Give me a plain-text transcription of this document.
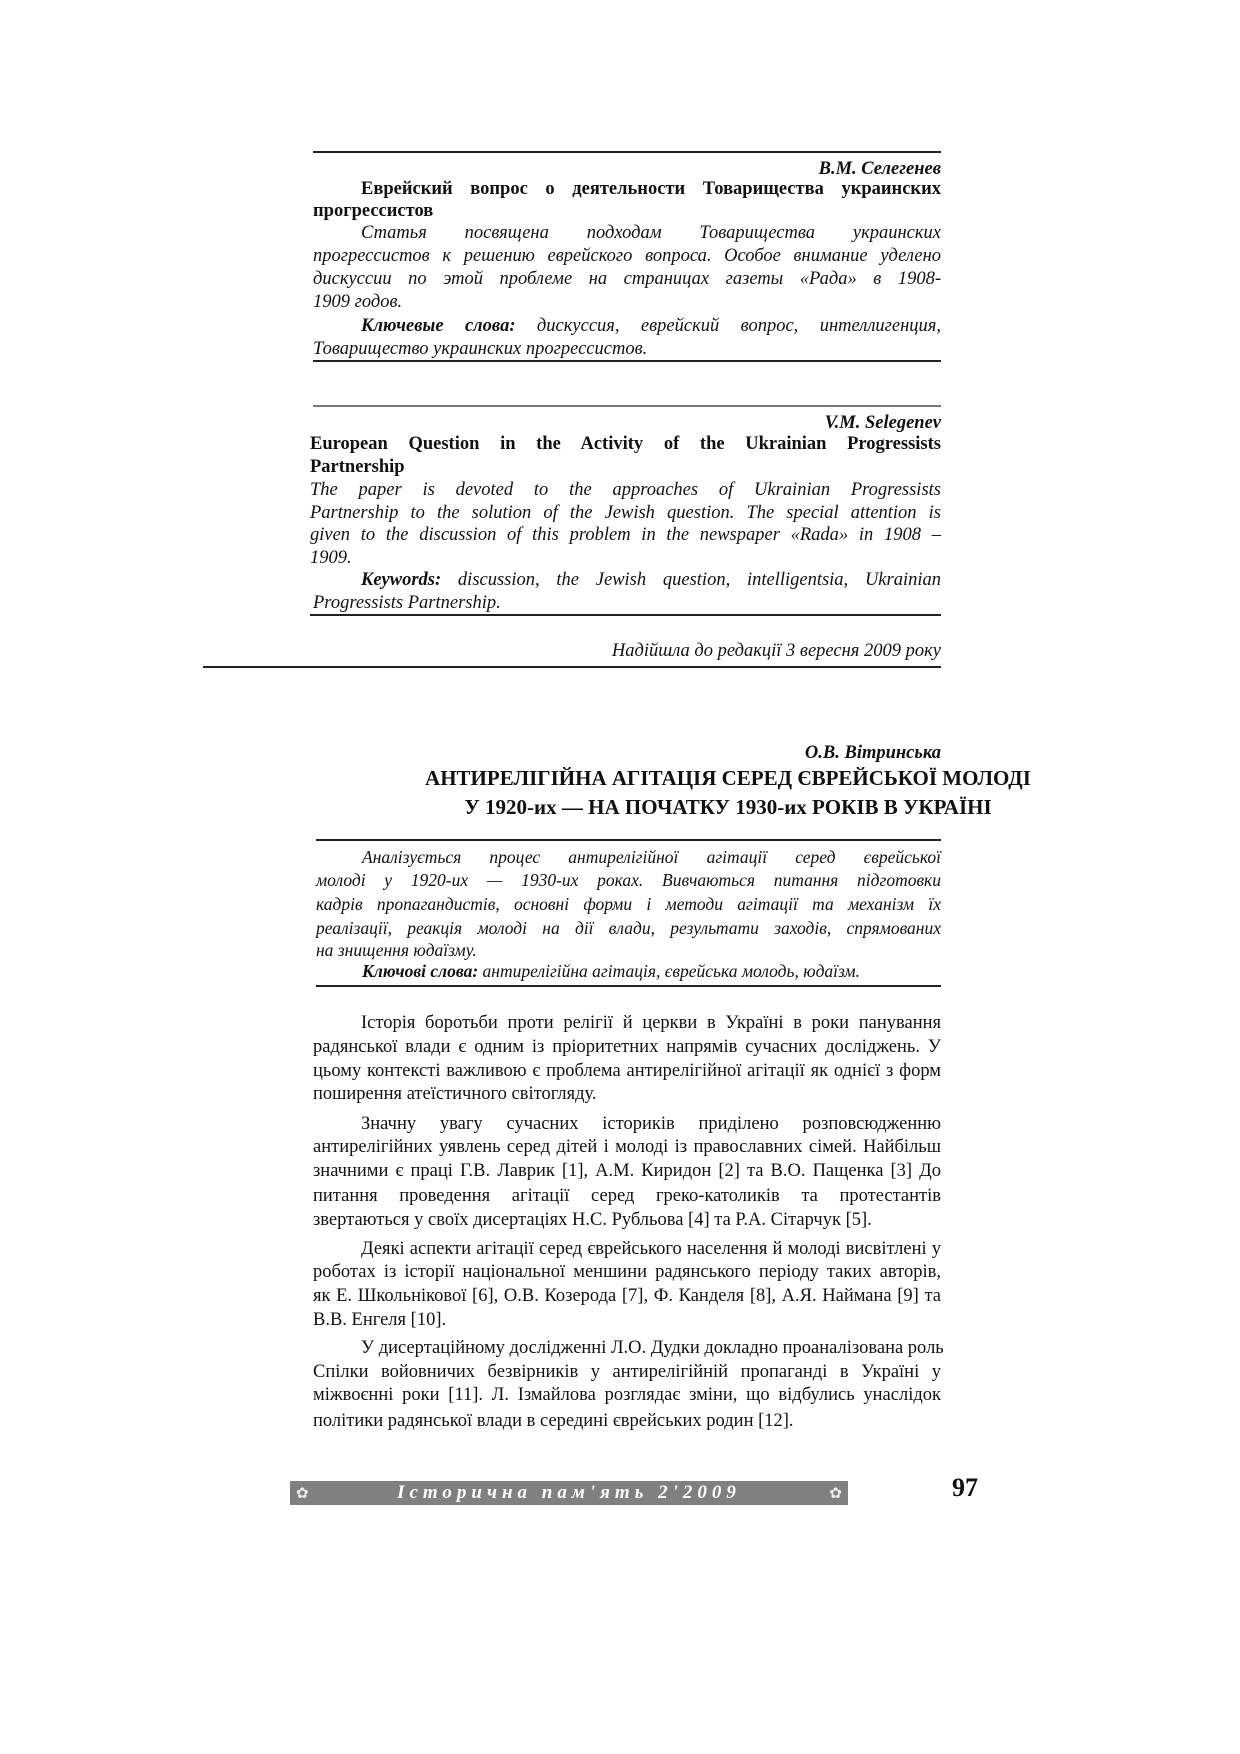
В.М. Селегенев
Еврейский вопрос о деятельности Товарищества украинских
прогрессистов
Статья посвящена подходам Товарищества украинских
прогрессистов к решению еврейского вопроса. Особое внимание уделено
дискуссии по этой проблеме на страницах газеты «Рада» в 1908-
1909 годов.
Ключевые слова: дискуссия, еврейский вопрос, интеллигенция,
Товарищество украинских прогрессистов.
V.M. Selegenev
European Question in the Activity of the Ukrainian Progressists
Partnership
The paper is devoted to the approaches of Ukrainian Progressists
Partnership to the solution of the Jewish question. The special attention is
given to the discussion of this problem in the newspaper «Rada» in 1908 –
1909.
Keywords: discussion, the Jewish question, intelligentsia, Ukrainian
Progressists Partnership.
Надійшла до редакції 3 вересня 2009 року
О.В. Вітринська
АНТИРЕЛІГІЙНА АГІТАЦІЯ СЕРЕД ЄВРЕЙСЬКОЇ МОЛОДІ
У 1920-их — НА ПОЧАТКУ 1930-их РОКІВ В УКРАЇНІ
Аналізується процес антирелігійної агітації серед єврейської
молоді у 1920-их — 1930-их роках. Вивчаються питання підготовки
кадрів пропагандистів, основні форми і методи агітації та механізм їх
реалізації, реакція молоді на дії влади, результати заходів, спрямованих
на знищення юдаїзму.
Ключові слова: антирелігійна агітація, єврейська молодь, юдаїзм.
Історія боротьби проти релігії й церкви в Україні в роки панування
радянської влади є одним із пріоритетних напрямів сучасних досліджень. У
цьому контексті важливою є проблема антирелігійної агітації як однієї з форм
поширення атеїстичного світогляду.
Значну увагу сучасних істориків приділено розповсюдженню
антирелігійних уявлень серед дітей і молоді із православних сімей. Найбільш
значними є праці Г.В. Лаврик [1], А.М. Киридон [2] та В.О. Пащенка [3] До
питання проведення агітації серед греко-католиків та протестантів
звертаються у своїх дисертаціях Н.С. Рубльова [4] та Р.А. Сітарчук [5].
Деякі аспекти агітації серед єврейського населення й молоді висвітлені у
роботах із історії національної меншини радянського періоду таких авторів,
як Е. Школьнікової [6], О.В. Козерода [7], Ф. Канделя [8], А.Я. Наймана [9] та
В.В. Енгеля [10].
У дисертаційному дослідженні Л.О. Дудки докладно проаналізована роль
Спілки войовничих безвірників у антирелігійній пропаганді в Україні у
міжвоєнні роки [11]. Л. Ізмайлова розглядає зміни, що відбулись унаслідок
політики радянської влади в середині єврейських родин [12].
✿	✿
Історична пам'ять 2'2009	97
